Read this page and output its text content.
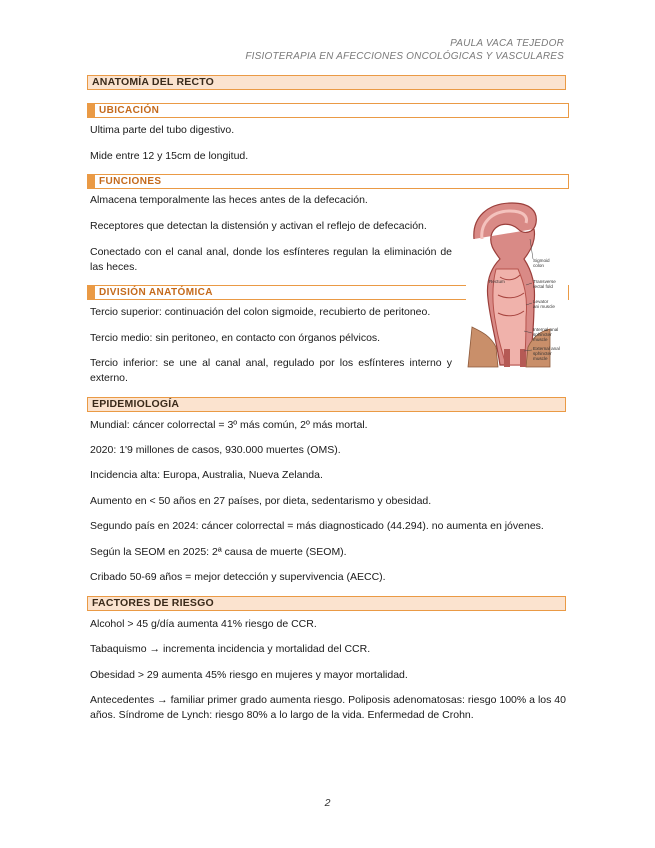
PAULA VACA TEJEDOR
FISIOTERAPIA EN AFECCIONES ONCOLÓGICAS Y VASCULARES
ANATOMÍA DEL RECTO
UBICACIÓN
Ultima parte del tubo digestivo.
Mide entre 12 y 15cm de longitud.
FUNCIONES
Almacena temporalmente las heces antes de la defecación.
Receptores que detectan la distensión y activan el reflejo de defecación.
Conectado con el canal anal, donde los esfínteres regulan la eliminación de las heces.
DIVISIÓN ANATÓMICA
Tercio superior: continuación del colon sigmoide, recubierto de peritoneo.
Tercio medio: sin peritoneo, en contacto con órganos pélvicos.
Tercio inferior: se une al canal anal, regulado por los esfínteres interno y externo.
Sigmoid
colon
Transverse
rectal fold
Rectum
Levator
ani muscle
Internal anal
sphincter
muscle
External anal
sphincter
muscle
EPIDEMIOLOGÍA
Mundial: cáncer colorrectal = 3º más común, 2º más mortal.
2020: 1'9 millones de casos, 930.000 muertes (OMS).
Incidencia alta: Europa, Australia, Nueva Zelanda.
Aumento en < 50 años en 27 países, por dieta, sedentarismo y obesidad.
Segundo país en 2024: cáncer colorrectal = más diagnosticado (44.294). no aumenta en jóvenes.
Según la SEOM en 2025: 2ª causa de muerte (SEOM).
Cribado 50-69 años = mejor detección y supervivencia (AECC).
FACTORES DE RIESGO
Alcohol > 45 g/día aumenta 41% riesgo de CCR.
Tabaquismo → incrementa incidencia y mortalidad del CCR.
Obesidad > 29 aumenta 45% riesgo en mujeres y mayor mortalidad.
Antecedentes → familiar primer grado aumenta riesgo. Poliposis adenomatosas: riesgo 100% a los 40 años. Síndrome de Lynch: riesgo 80% a lo largo de la vida. Enfermedad de Crohn.
2
